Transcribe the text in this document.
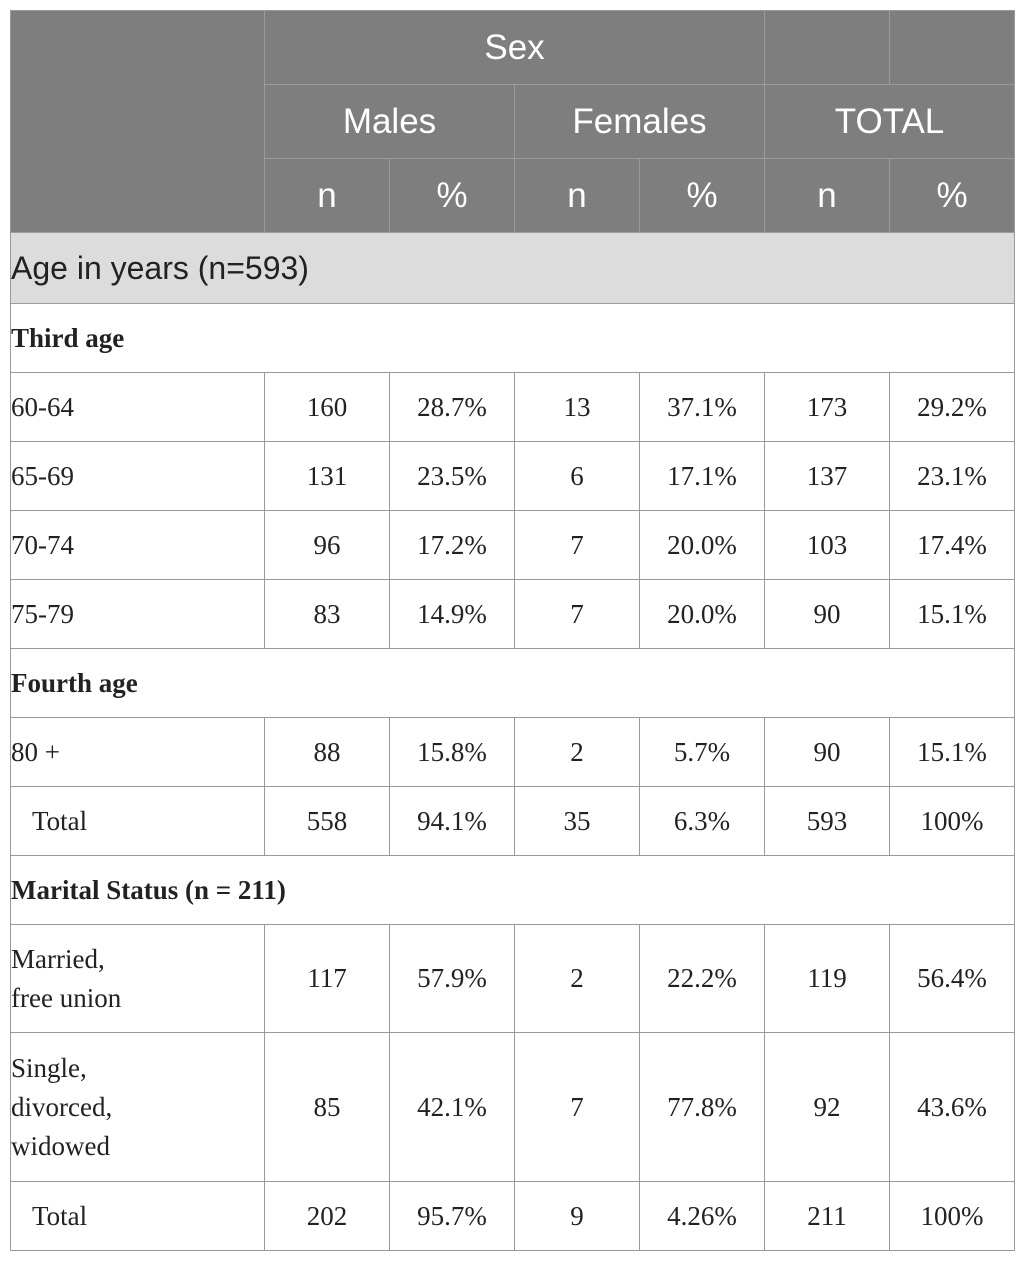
	Sex					
	Males		Females		TOTAL	
	n	%	n	%	n	%
Age in years (n=593)						
Third age						
60-64	160	28.7%	13	37.1%	173	29.2%
65-69	131	23.5%	6	17.1%	137	23.1%
70-74	96	17.2%	7	20.0%	103	17.4%
75-79	83	14.9%	7	20.0%	90	15.1%
Fourth age						
80 +	88	15.8%	2	5.7%	90	15.1%
Total	558	94.1%	35	6.3%	593	100%
Marital Status (n = 211)						
Married,
free union	117	57.9%	2	22.2%	119	56.4%
Single,
divorced,
widowed	85	42.1%	7	77.8%	92	43.6%
Total	202	95.7%	9	4.26%	211	100%
